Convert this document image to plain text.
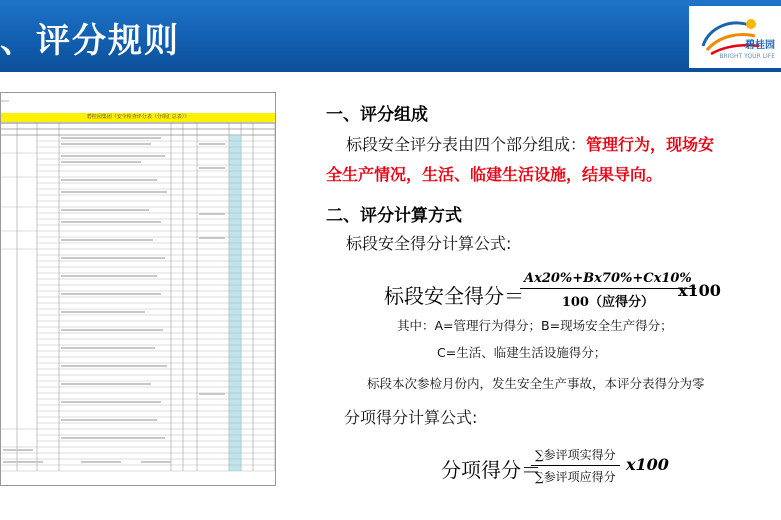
、评分规则	碧桂园
BRIGHT YOUR LIFE
碧桂园集团《安全检查评分表（分项汇总表）》	一、评分组成
标段安全评分表由四个部分组成：管理行为，现场安
全生产情况，生活、临建生活设施，结果导向。
二、评分计算方式
标段安全得分计算公式:
标段安全得分＝
Ax20%+Bx70%+Cx10%
100（应得分）
x100
其中：A=管理行为得分；B=现场安全生产得分；
C=生活、临建生活设施得分；
标段本次参检月份内，发生安全生产事故，本评分表得分为零
分项得分计算公式:
分项得分＝
∑参评项实得分
∑参评项应得分
x100
